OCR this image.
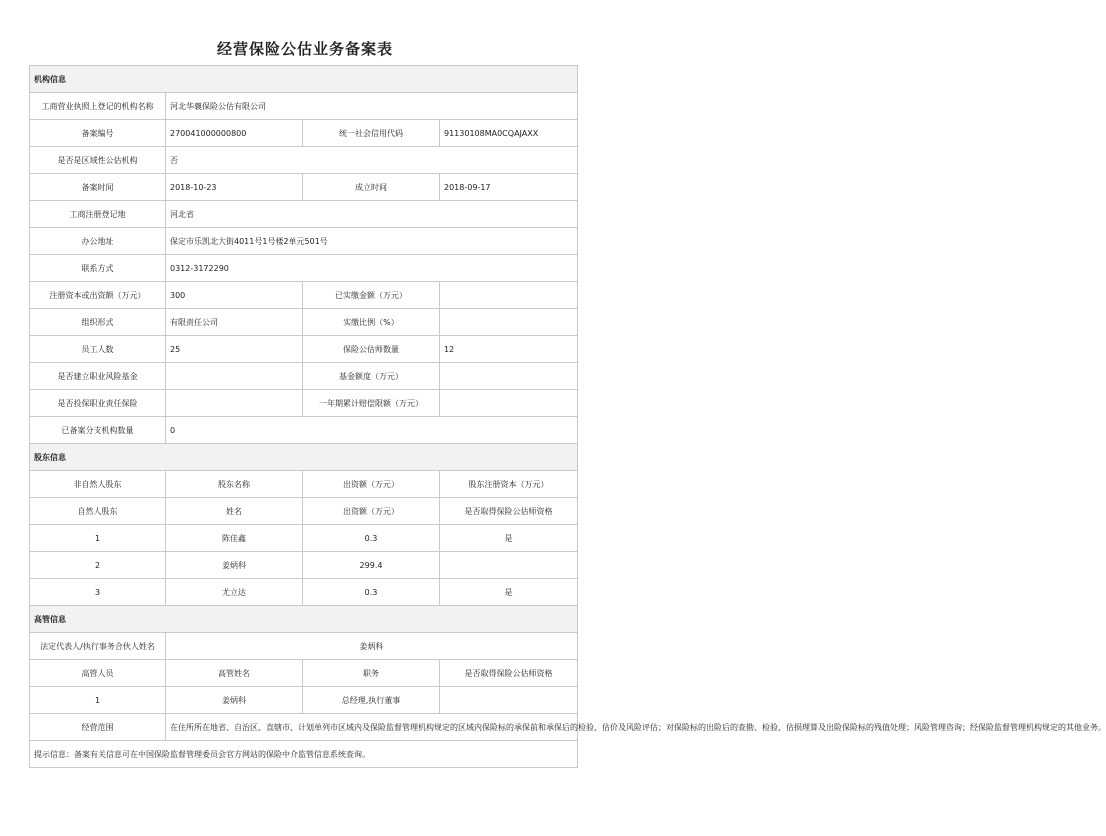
经营保险公估业务备案表
机构信息			
工商营业执照上登记的机构名称	河北华襄保险公估有限公司		
备案编号	270041000000800	统一社会信用代码	91130108MA0CQAJAXX
是否是区域性公估机构	否		
备案时间	2018-10-23	成立时间	2018-09-17
工商注册登记地	河北省		
办公地址	保定市乐凯北大街4011号1号楼2单元501号		
联系方式	0312-3172290		
注册资本或出资额（万元）	300	已实缴金额（万元）	
组织形式	有限责任公司	实缴比例（%）	
员工人数	25	保险公估师数量	12
是否建立职业风险基金		基金额度（万元）	
是否投保职业责任保险		一年期累计赔偿限额（万元）	
已备案分支机构数量	0		
股东信息			
非自然人股东	股东名称	出资额（万元）	股东注册资本（万元）
自然人股东	姓名	出资额（万元）	是否取得保险公估师资格
1	陈佳鑫	0.3	是
2	姜炳科	299.4	
3	尤立达	0.3	是
高管信息			
法定代表人/执行事务合伙人姓名	姜炳科		
高管人员	高管姓名	职务	是否取得保险公估师资格
1	姜炳科	总经理,执行董事	
经营范围	在住所所在地省、自治区、直辖市、计划单列市区域内及保险监督管理机构规定的区域内保险标的承保前和承保后的检验、估价及风险评估；对保险标的出险后的查勘、检验、估损理算及出险保险标的残值处理；风险管理咨询；经保险监督管理机构规定的其他业务。		
提示信息：备案有关信息可在中国保险监督管理委员会官方网站的保险中介监管信息系统查询。			
